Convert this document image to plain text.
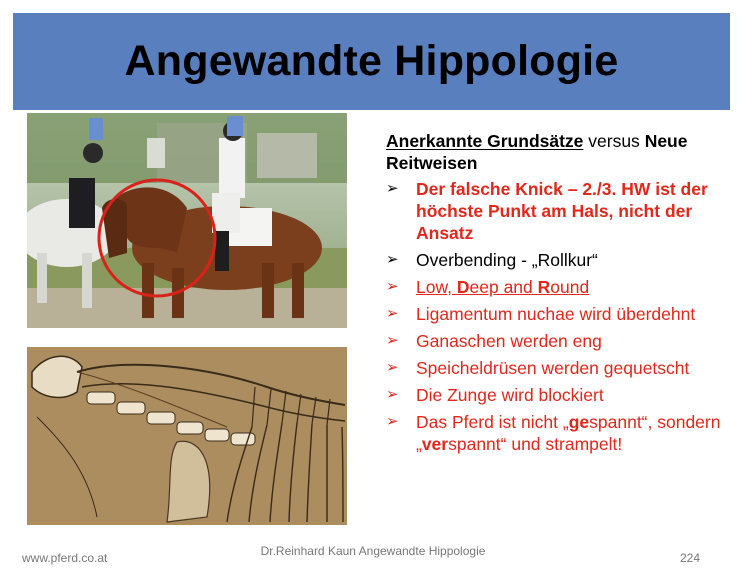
Angewandte Hippologie

Anerkannte Grundsätze versus Neue Reitweisen

➢ Der falsche Knick – 2./3. HW ist der höchste Punkt am Hals, nicht der Ansatz
➢ Overbending - „Rollkur“
➢ Low, Deep and Round
➢ Ligamentum nuchae wird überdehnt
➢ Ganaschen werden eng
➢ Speicheldrüsen werden gequetscht
➢ Die Zunge wird blockiert
➢ Das Pferd ist nicht „gespannt“, sondern „verspannt“ und strampelt!
www.pferd.co.at	Dr.Reinhard Kaun Angewandte Hippologie	224
